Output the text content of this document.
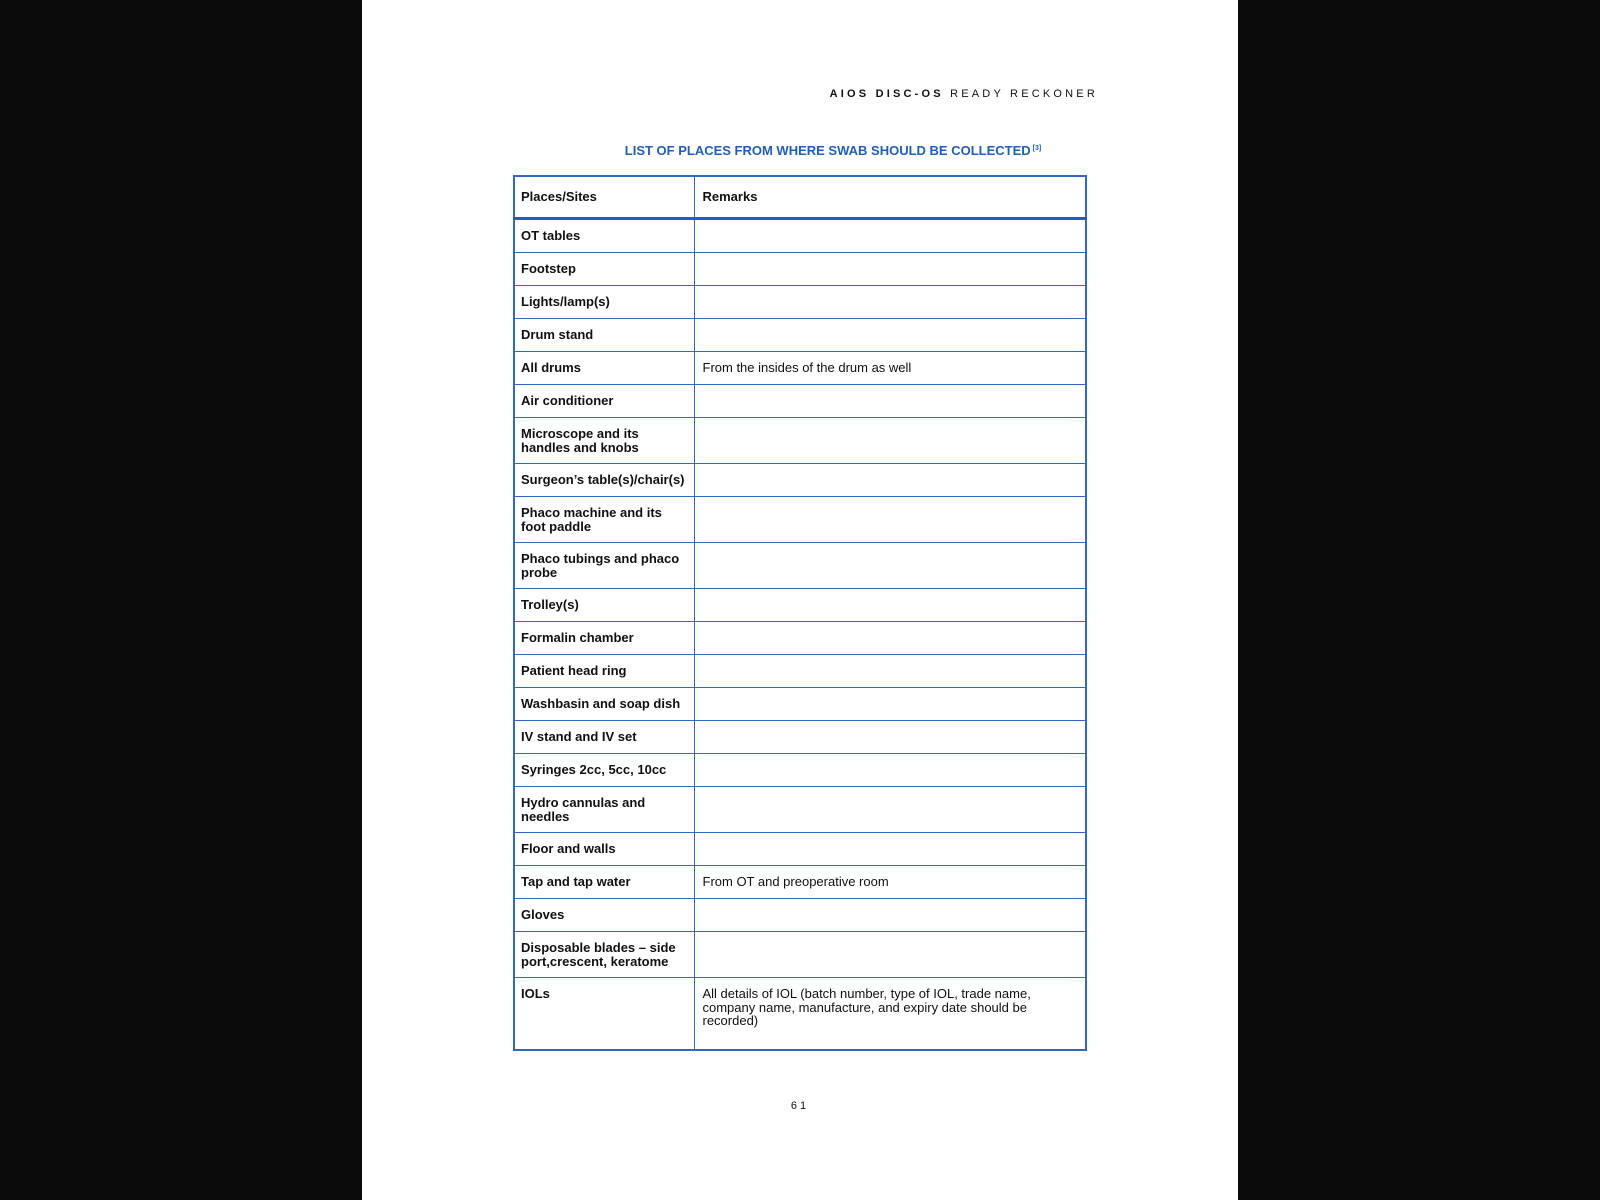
AIOS DISC-OS READY RECKONER
LIST OF PLACES FROM WHERE SWAB SHOULD BE COLLECTED [3]
Places/Sites	Remarks
OT tables	
Footstep	
Lights/lamp(s)	
Drum stand	
All drums	From the insides of the drum as well
Air conditioner	
Microscope and its handles and knobs	
Surgeon’s table(s)/chair(s)	
Phaco machine and its foot paddle	
Phaco tubings and phaco probe	
Trolley(s)	
Formalin chamber	
Patient head ring	
Washbasin and soap dish	
IV stand and IV set	
Syringes 2cc, 5cc, 10cc	
Hydro cannulas and needles	
Floor and walls	
Tap and tap water	From OT and preoperative room
Gloves	
Disposable blades – side port,crescent, keratome	
IOLs	All details of IOL (batch number, type of IOL, trade name, company name, manufacture, and expiry date should be recorded)
61
